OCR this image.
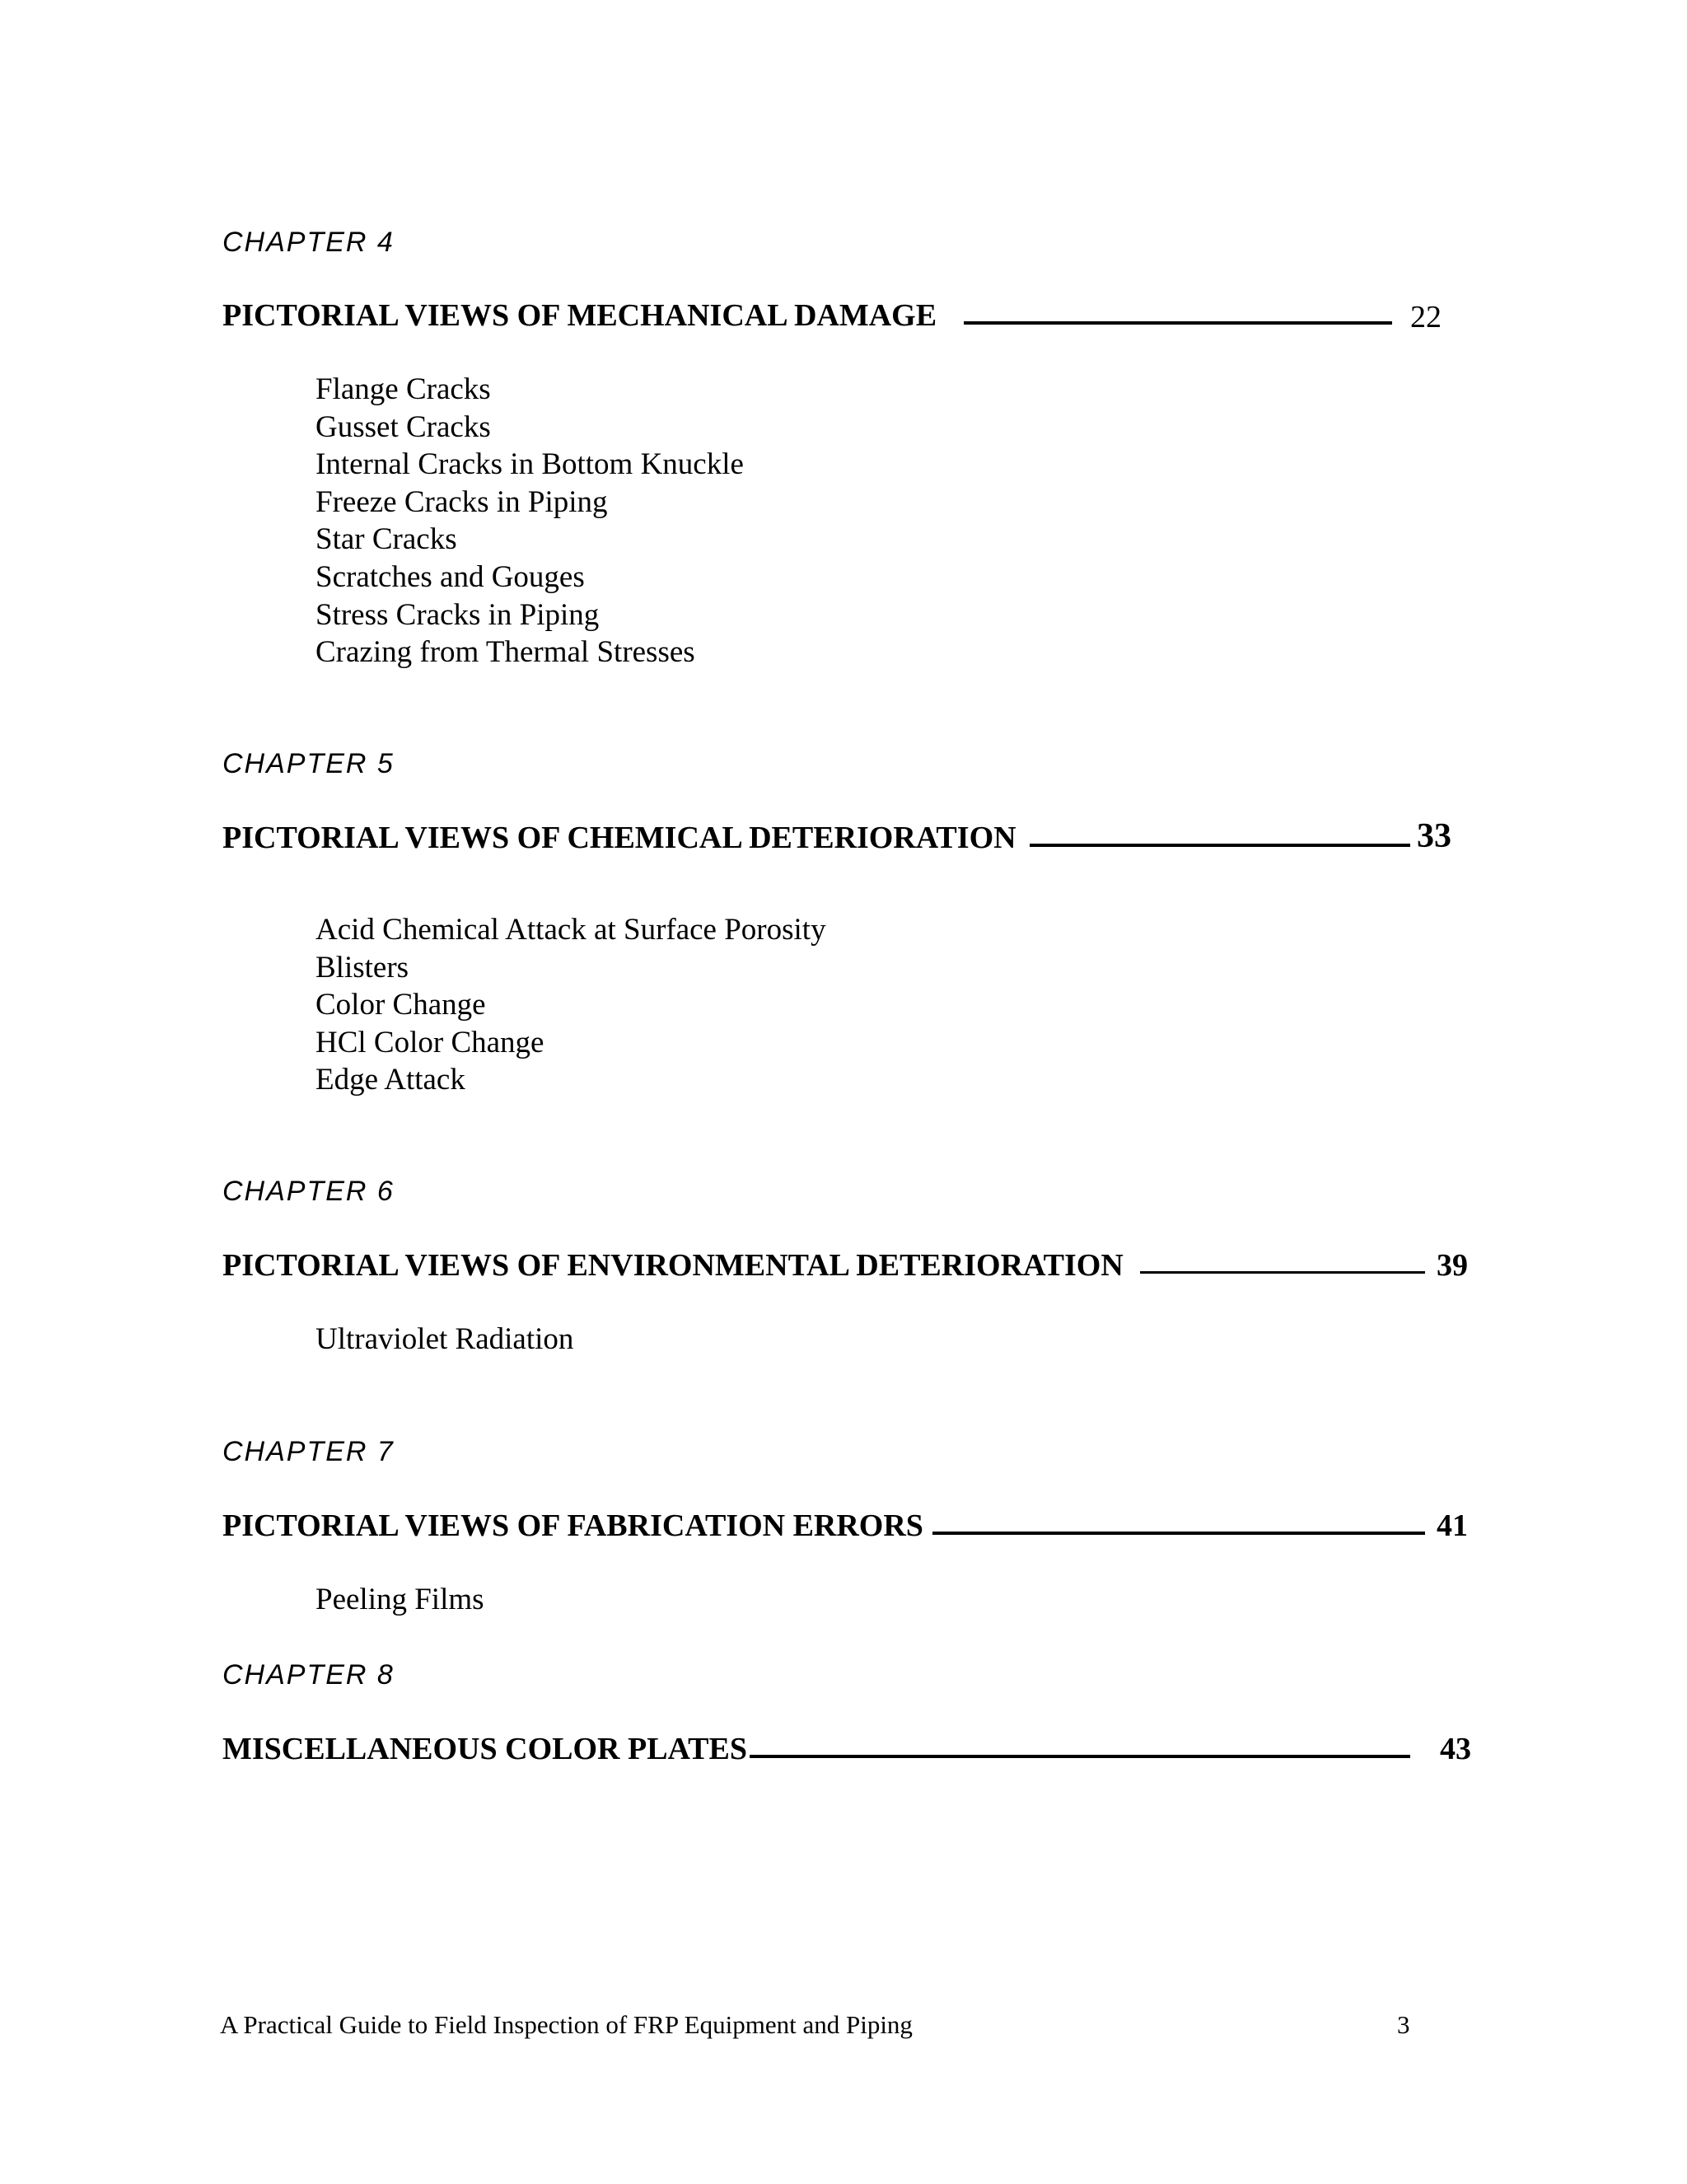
CHAPTER 4
PICTORIAL VIEWS OF MECHANICAL DAMAGE	22
Flange Cracks
Gusset Cracks
Internal Cracks in Bottom Knuckle
Freeze Cracks in Piping
Star Cracks
Scratches and Gouges
Stress Cracks in Piping
Crazing from Thermal Stresses
CHAPTER 5
PICTORIAL VIEWS OF CHEMICAL DETERIORATION	33
Acid Chemical Attack at Surface Porosity
Blisters
Color Change
HCl Color Change
Edge Attack
CHAPTER 6
PICTORIAL VIEWS OF ENVIRONMENTAL DETERIORATION	39
Ultraviolet Radiation
CHAPTER 7
PICTORIAL VIEWS OF FABRICATION ERRORS	41
Peeling Films
CHAPTER 8
MISCELLANEOUS COLOR PLATES	43
A Practical Guide to Field Inspection of FRP Equipment and Piping	3
